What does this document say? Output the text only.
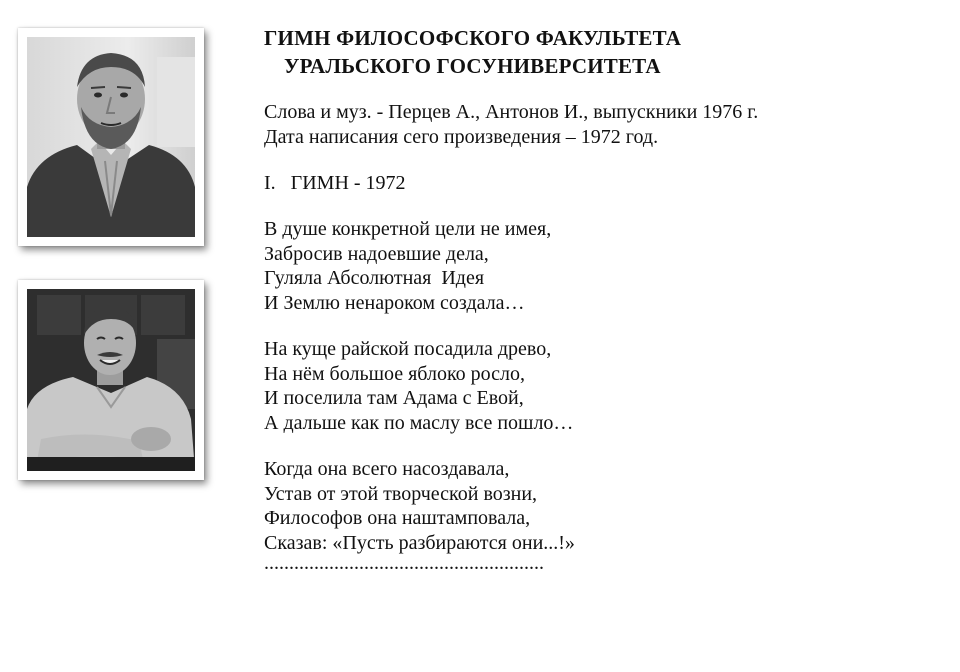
ГИМН ФИЛОСОФСКОГО ФАКУЛЬТЕТА
УРАЛЬСКОГО ГОСУНИВЕРСИТЕТА
Слова и муз. - Перцев А., Антонов И., выпускники 1976 г.
Дата написания сего произведения – 1972 год.
I.   ГИМН - 1972
В душе конкретной цели не имея,
Забросив надоевшие дела,
Гуляла Абсолютная  Идея
И Землю ненароком создала…
На куще райской посадила древо,
На нём большое яблоко росло,
И поселила там Адама с Евой,
А дальше как по маслу все пошло…
Когда она всего насоздавала,
Устав от этой творческой возни,
Философов она наштамповала,
Сказав: «Пусть разбираются они...!»
........................................................
